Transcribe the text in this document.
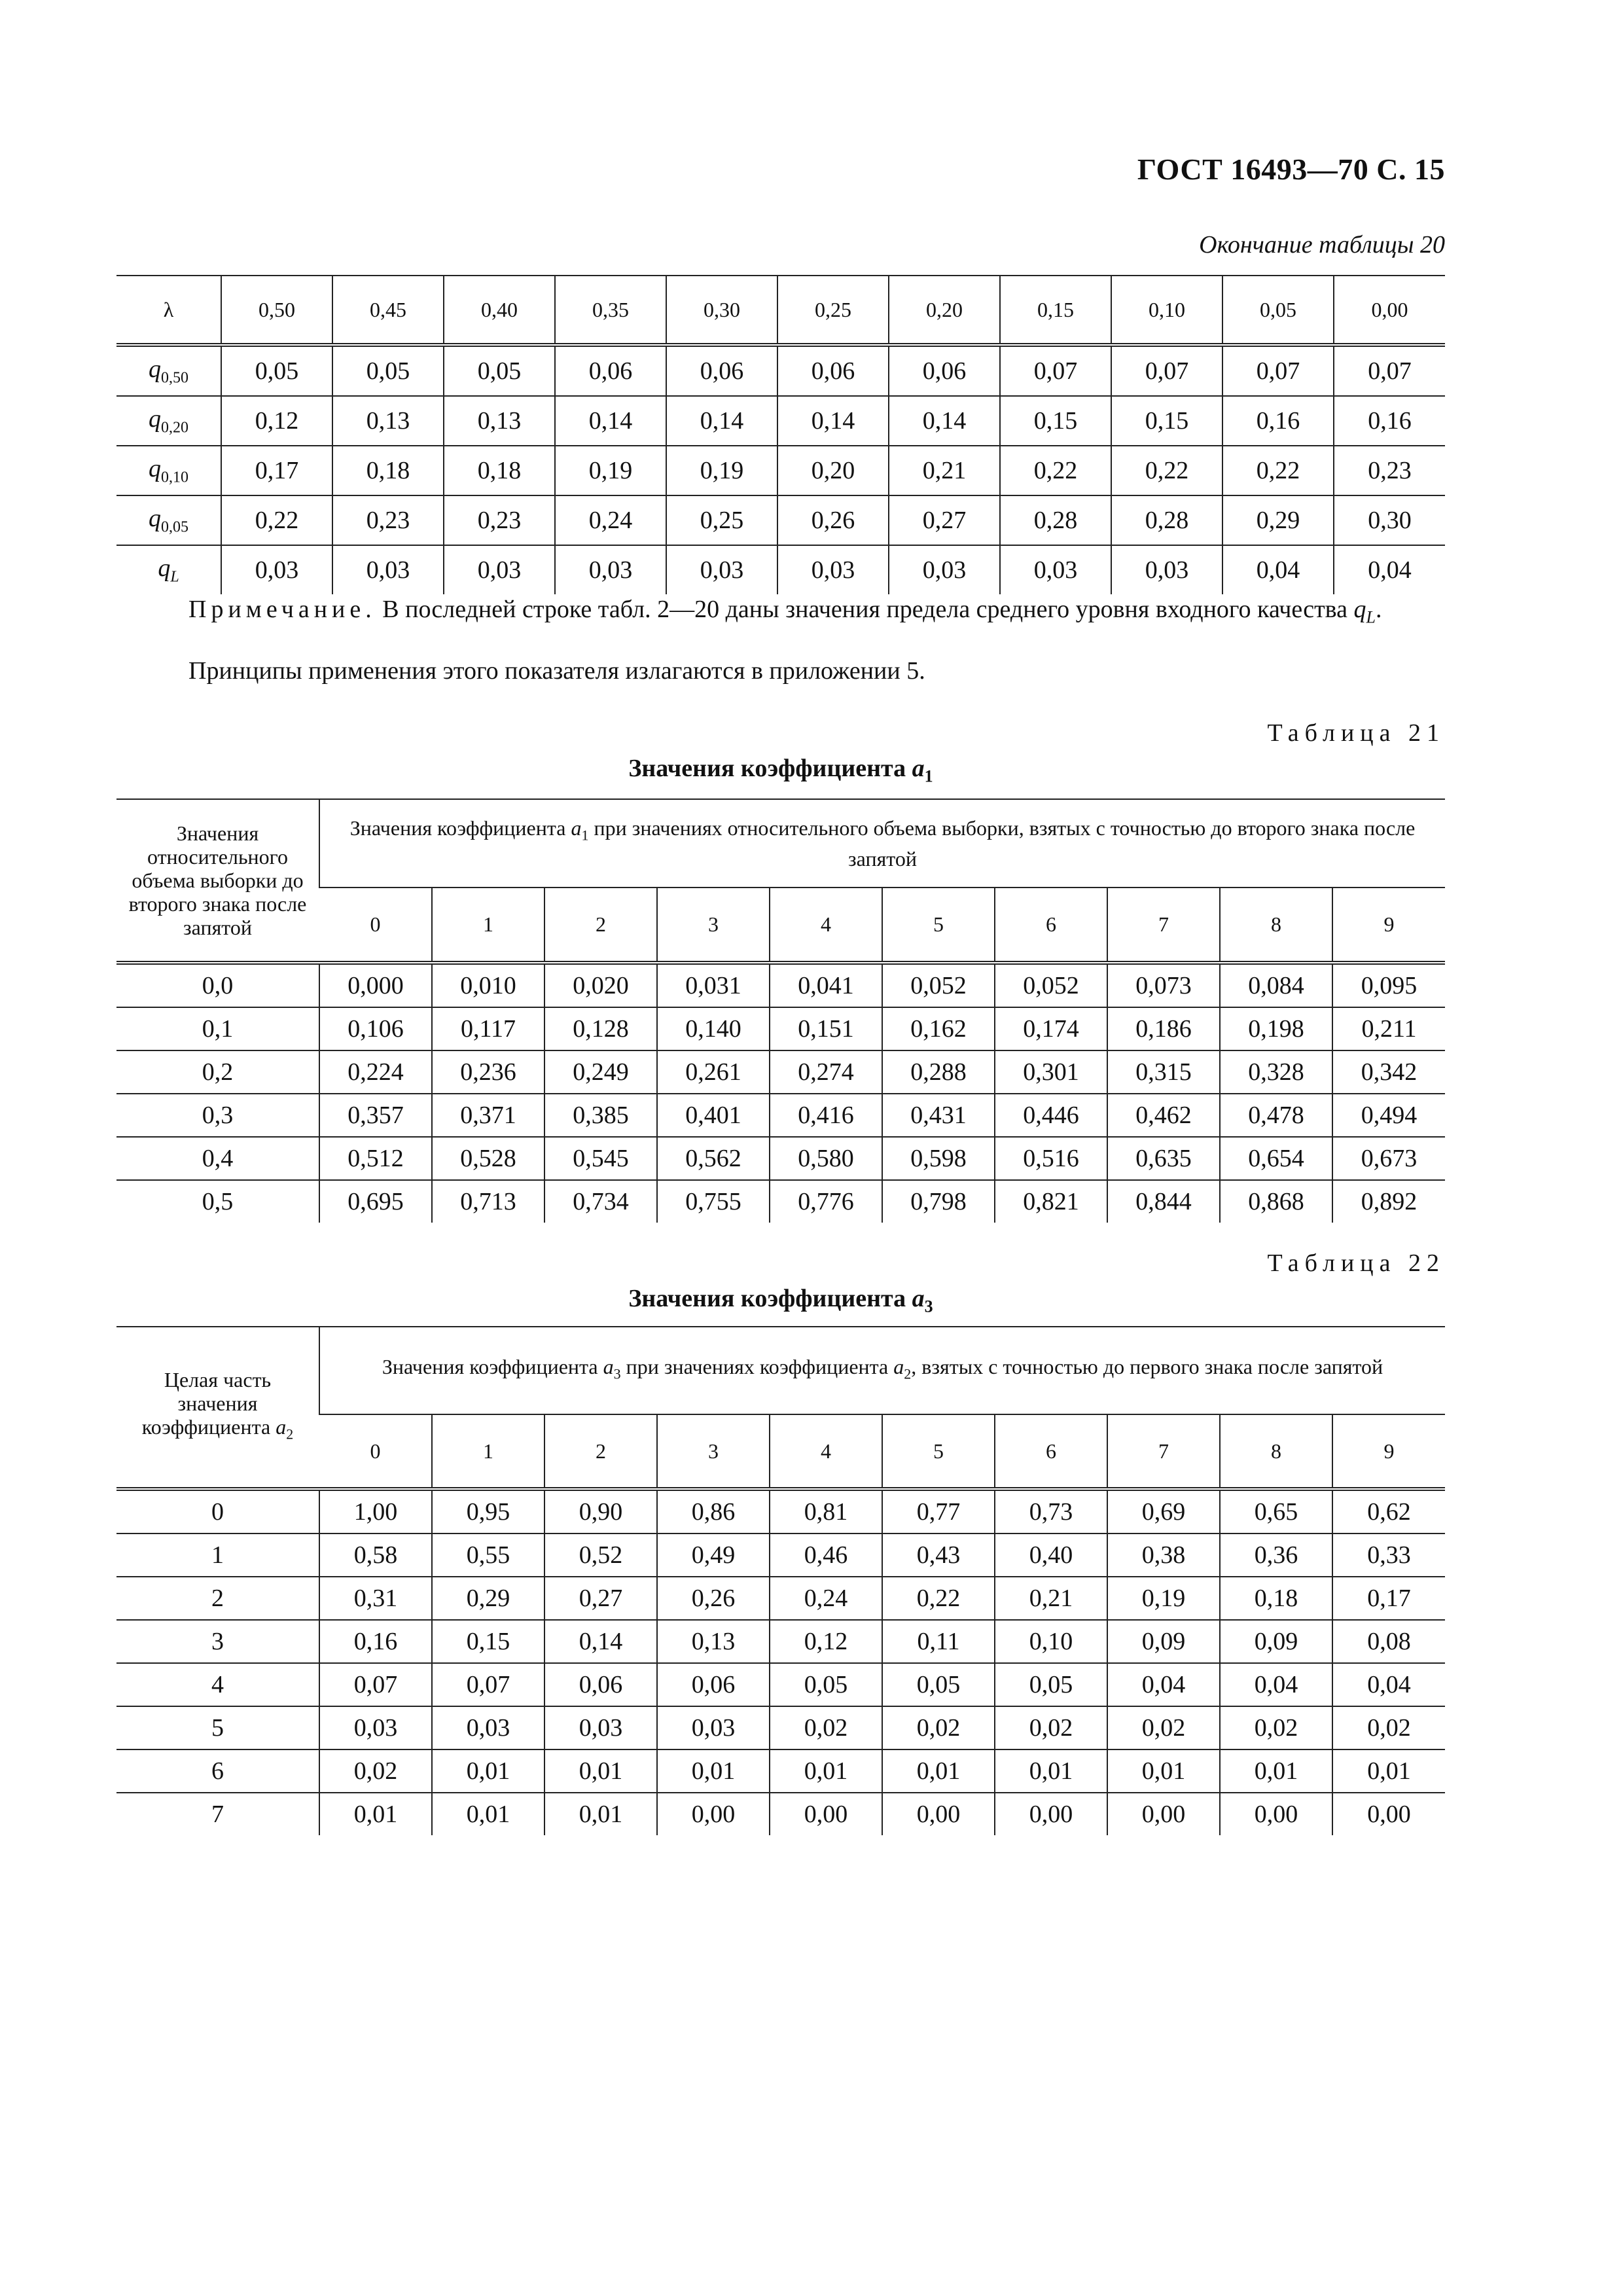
ГОСТ 16493—70 С. 15
Окончание таблицы 20
λ	0,50	0,45	0,40	0,35	0,30	0,25	0,20	0,15	0,10	0,05	0,00
$q_{0,50}$	0,05	0,05	0,05	0,06	0,06	0,06	0,06	0,07	0,07	0,07	0,07
$q_{0,20}$	0,12	0,13	0,13	0,14	0,14	0,14	0,14	0,15	0,15	0,16	0,16
$q_{0,10}$	0,17	0,18	0,18	0,19	0,19	0,20	0,21	0,22	0,22	0,22	0,23
$q_{0,05}$	0,22	0,23	0,23	0,24	0,25	0,26	0,27	0,28	0,28	0,29	0,30
$q_L$	0,03	0,03	0,03	0,03	0,03	0,03	0,03	0,03	0,03	0,04	0,04
Примечание. В последней строке табл. 2—20 даны значения предела среднего уровня входного качества $q_L$.
Принципы применения этого показателя излагаются в приложении 5.
Таблица 21
Значения коэффициента $a_1$
Значения относительного объема выборки до второго знака после запятой	Значения коэффициента $a_1$ при значениях относительного объема выборки, взятых с точностью до второго знака после запятой									
	0	1	2	3	4	5	6	7	8	9
0,0	0,000	0,010	0,020	0,031	0,041	0,052	0,052	0,073	0,084	0,095
0,1	0,106	0,117	0,128	0,140	0,151	0,162	0,174	0,186	0,198	0,211
0,2	0,224	0,236	0,249	0,261	0,274	0,288	0,301	0,315	0,328	0,342
0,3	0,357	0,371	0,385	0,401	0,416	0,431	0,446	0,462	0,478	0,494
0,4	0,512	0,528	0,545	0,562	0,580	0,598	0,516	0,635	0,654	0,673
0,5	0,695	0,713	0,734	0,755	0,776	0,798	0,821	0,844	0,868	0,892
Таблица 22
Значения коэффициента $a_3$
Целая часть значения коэффициента $a_2$	Значения коэффициента $a_3$ при значениях коэффициента $a_2$, взятых с точностью до первого знака после запятой									
	0	1	2	3	4	5	6	7	8	9
0	1,00	0,95	0,90	0,86	0,81	0,77	0,73	0,69	0,65	0,62
1	0,58	0,55	0,52	0,49	0,46	0,43	0,40	0,38	0,36	0,33
2	0,31	0,29	0,27	0,26	0,24	0,22	0,21	0,19	0,18	0,17
3	0,16	0,15	0,14	0,13	0,12	0,11	0,10	0,09	0,09	0,08
4	0,07	0,07	0,06	0,06	0,05	0,05	0,05	0,04	0,04	0,04
5	0,03	0,03	0,03	0,03	0,02	0,02	0,02	0,02	0,02	0,02
6	0,02	0,01	0,01	0,01	0,01	0,01	0,01	0,01	0,01	0,01
7	0,01	0,01	0,01	0,00	0,00	0,00	0,00	0,00	0,00	0,00
